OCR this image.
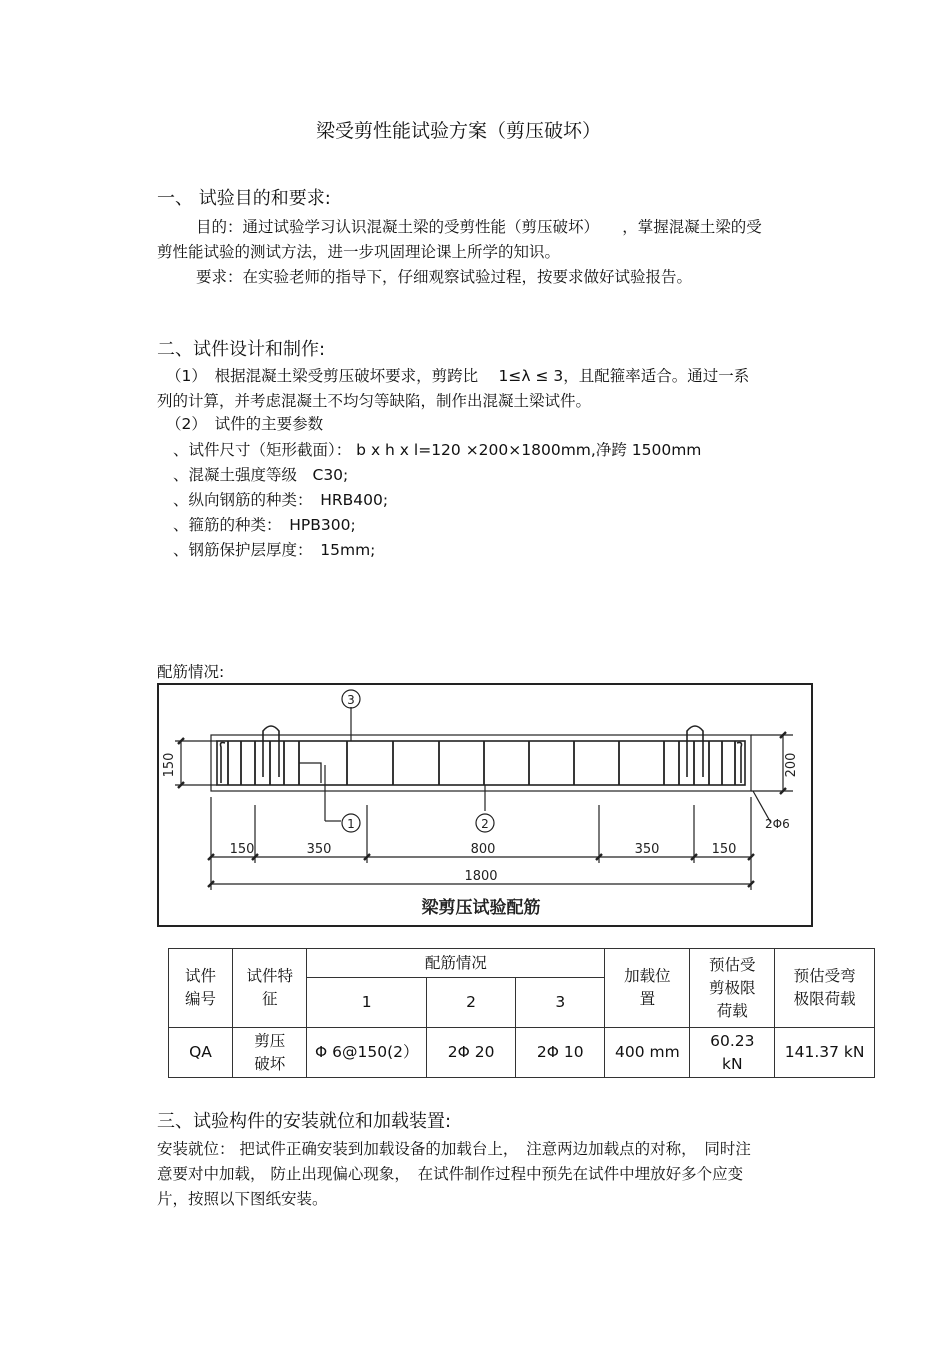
梁受剪性能试验方案（剪压破坏）
一、 试验目的和要求:
目的：通过试验学习认识混凝土梁的受剪性能（剪压破坏）　　，掌握混凝土梁的受
剪性能试验的测试方法，进一步巩固理论课上所学的知识。
要求：在实验老师的指导下，仔细观察试验过程，按要求做好试验报告。
二、试件设计和制作:
（1）　根据混凝土梁受剪压破坏要求，剪跨比　 1≤λ ≤ 3，且配箍率适合。通过一系
列的计算，并考虑混凝土不均匀等缺陷，制作出混凝土梁试件。
（2）　试件的主要参数
、试件尺寸（矩形截面）： b x h x l=120 ×200×1800mm,净跨 1500mm
、混凝土强度等级　C30;
、纵向钢筋的种类：　HRB400;
、箍筋的种类：　HPB300;
、钢筋保护层厚度：　15mm;
配筋情况:
3
1	2
150	350	800	350	150
1800
150	200
2Φ6
梁剪压试验配筋
试件编号	试件特征	配筋情况			加载位置	预估受剪极限荷载	预估受弯极限荷载
		1	2	3			
QA	剪压破坏	Φ 6@150(2）	2Φ 20	2Φ 10	400 mm	60.23 kN	141.37 kN
三、试验构件的安装就位和加载装置:
安装就位： 把试件正确安装到加载设备的加载台上，　注意两边加载点的对称，　同时注
意要对中加载， 防止出现偏心现象，　在试件制作过程中预先在试件中埋放好多个应变
片，按照以下图纸安装。
